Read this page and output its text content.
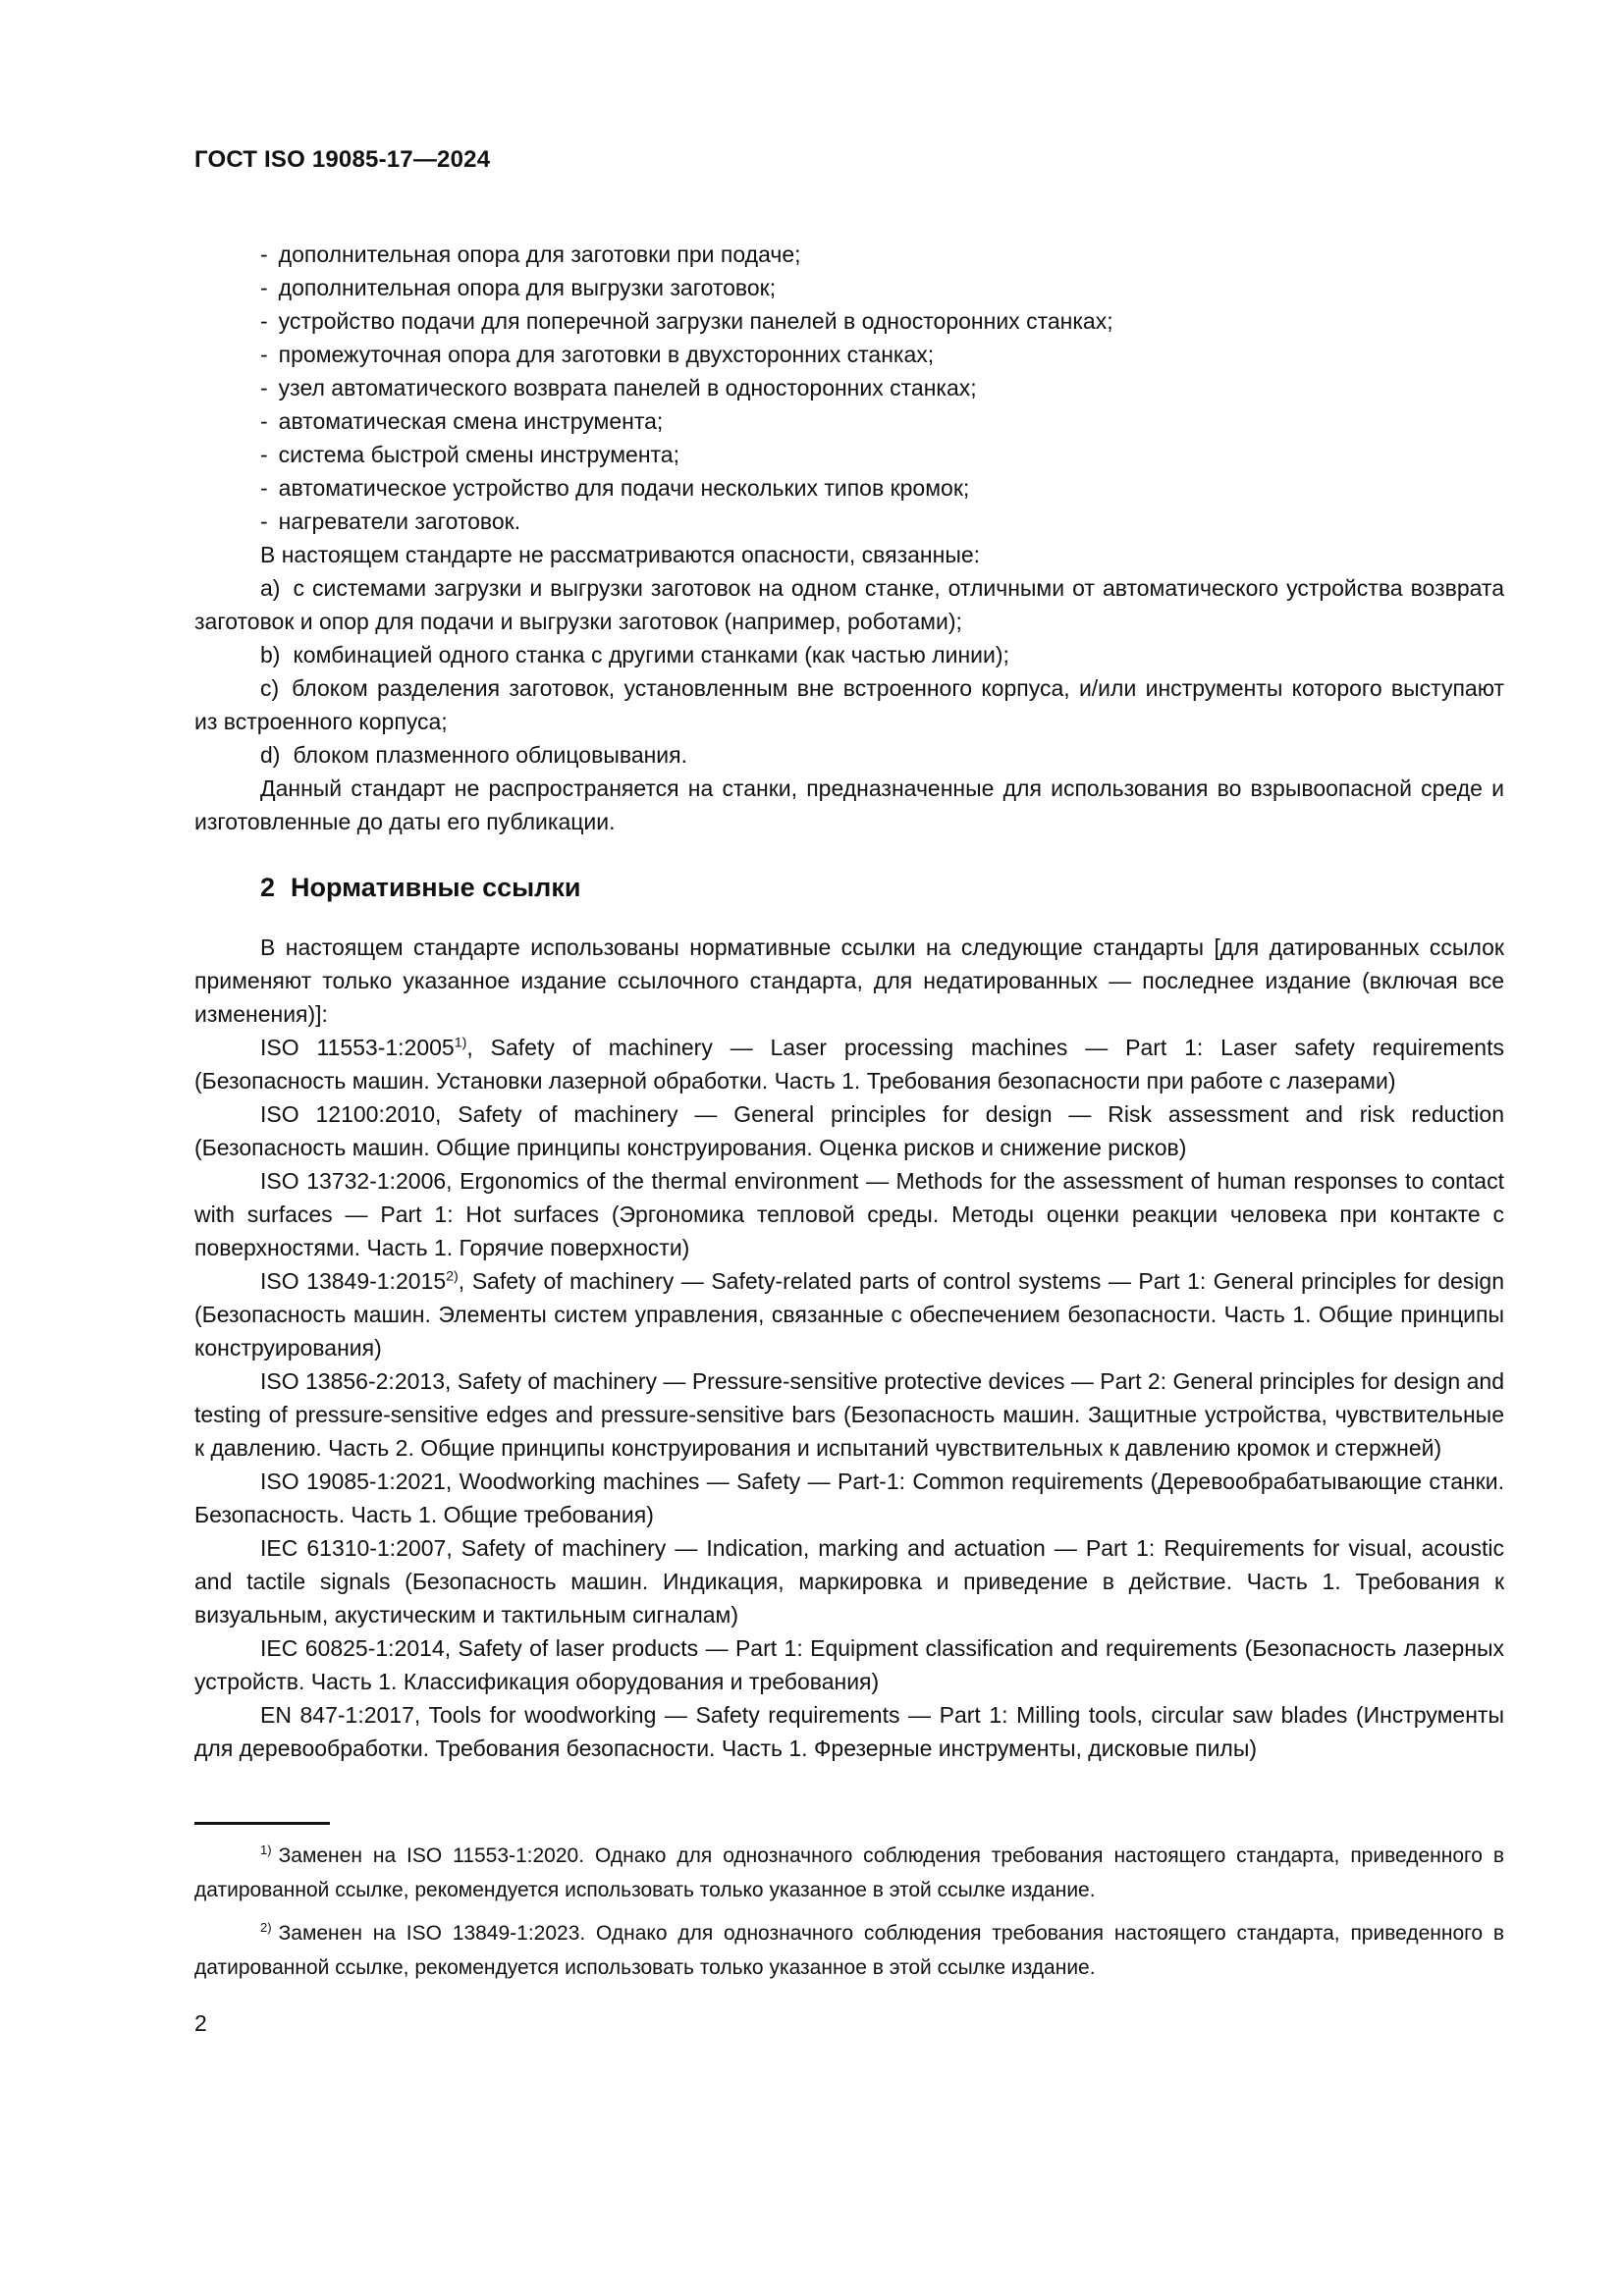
ГОСТ ISO 19085-17—2024

- дополнительная опора для заготовки при подаче;

- дополнительная опора для выгрузки заготовок;

- устройство подачи для поперечной загрузки панелей в односторонних станках;

- промежуточная опора для заготовки в двухсторонних станках;

- узел автоматического возврата панелей в односторонних станках;

- автоматическая смена инструмента;

- система быстрой смены инструмента;

- автоматическое устройство для подачи нескольких типов кромок;

- нагреватели заготовок.

В настоящем стандарте не рассматриваются опасности, связанные:

a) с системами загрузки и выгрузки заготовок на одном станке, отличными от автоматического устройства возврата заготовок и опор для подачи и выгрузки заготовок (например, роботами);

b) комбинацией одного станка с другими станками (как частью линии);

c) блоком разделения заготовок, установленным вне встроенного корпуса, и/или инструменты которого выступают из встроенного корпуса;

d) блоком плазменного облицовывания.

Данный стандарт не распространяется на станки, предназначенные для использования во взрывоопасной среде и изготовленные до даты его публикации.

2 Нормативные ссылки

В настоящем стандарте использованы нормативные ссылки на следующие стандарты [для датированных ссылок применяют только указанное издание ссылочного стандарта, для недатированных — последнее издание (включая все изменения)]:

ISO 11553-1:2005$^{1)}$, Safety of machinery — Laser processing machines — Part 1: Laser safety requirements (Безопасность машин. Установки лазерной обработки. Часть 1. Требования безопасности при работе с лазерами)

ISO 12100:2010, Safety of machinery — General principles for design — Risk assessment and risk reduction (Безопасность машин. Общие принципы конструирования. Оценка рисков и снижение рисков)

ISO 13732-1:2006, Ergonomics of the thermal environment — Methods for the assessment of human responses to contact with surfaces — Part 1: Hot surfaces (Эргономика тепловой среды. Методы оценки реакции человека при контакте с поверхностями. Часть 1. Горячие поверхности)

ISO 13849-1:2015$^{2)}$, Safety of machinery — Safety-related parts of control systems — Part 1: General principles for design (Безопасность машин. Элементы систем управления, связанные с обеспечением безопасности. Часть 1. Общие принципы конструирования)

ISO 13856-2:2013, Safety of machinery — Pressure-sensitive protective devices — Part 2: General principles for design and testing of pressure-sensitive edges and pressure-sensitive bars (Безопасность машин. Защитные устройства, чувствительные к давлению. Часть 2. Общие принципы конструирования и испытаний чувствительных к давлению кромок и стержней)

ISO 19085-1:2021, Woodworking machines — Safety — Part-1: Common requirements (Деревообрабатывающие станки. Безопасность. Часть 1. Общие требования)

IEC 61310-1:2007, Safety of machinery — Indication, marking and actuation — Part 1: Requirements for visual, acoustic and tactile signals (Безопасность машин. Индикация, маркировка и приведение в действие. Часть 1. Требования к визуальным, акустическим и тактильным сигналам)

IEC 60825-1:2014, Safety of laser products — Part 1: Equipment classification and requirements (Безопасность лазерных устройств. Часть 1. Классификация оборудования и требования)

EN 847-1:2017, Tools for woodworking — Safety requirements — Part 1: Milling tools, circular saw blades (Инструменты для деревообработки. Требования безопасности. Часть 1. Фрезерные инструменты, дисковые пилы)

$^{1)}$ Заменен на ISO 11553-1:2020. Однако для однозначного соблюдения требования настоящего стандарта, приведенного в датированной ссылке, рекомендуется использовать только указанное в этой ссылке издание.

$^{2)}$ Заменен на ISO 13849-1:2023. Однако для однозначного соблюдения требования настоящего стандарта, приведенного в датированной ссылке, рекомендуется использовать только указанное в этой ссылке издание.

2
